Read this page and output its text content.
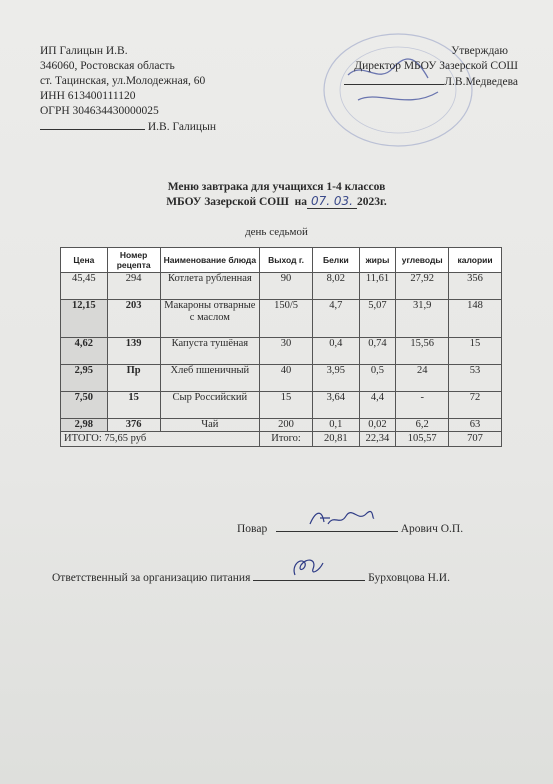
ИП Галицын И.В.
346060, Ростовская область
ст. Тацинская, ул.Молодежная, 60
ИНН 613400111120
ОГРН 304634430000025
И.В. Галицын
Утверждаю
Директор МБОУ Зазерской СОШ
Л.В.Медведева
Меню завтрака для учащихся 1-4 классов
МБОУ Зазерской СОШ на 07. 03. 2023г.
день седьмой
Цена	Номер рецепта	Наименование блюда	Выход г.	Белки	жиры	углеводы	калории
45,45	294	Котлета рубленная	90	8,02	11,61	27,92	356
12,15	203	Макароны отварные с маслом	150/5	4,7	5,07	31,9	148
4,62	139	Капуста тушёная	30	0,4	0,74	15,56	15
2,95	Пр	Хлеб пшеничный	40	3,95	0,5	24	53
7,50	15	Сыр Российский	15	3,64	4,4	-	72
2,98	376	Чай	200	0,1	0,02	6,2	63
ИТОГО: 75,65 руб			Итого:	20,81	22,34	105,57	707
Повар	Арович О.П.
Ответственный за организацию питания	Бурховцова Н.И.
